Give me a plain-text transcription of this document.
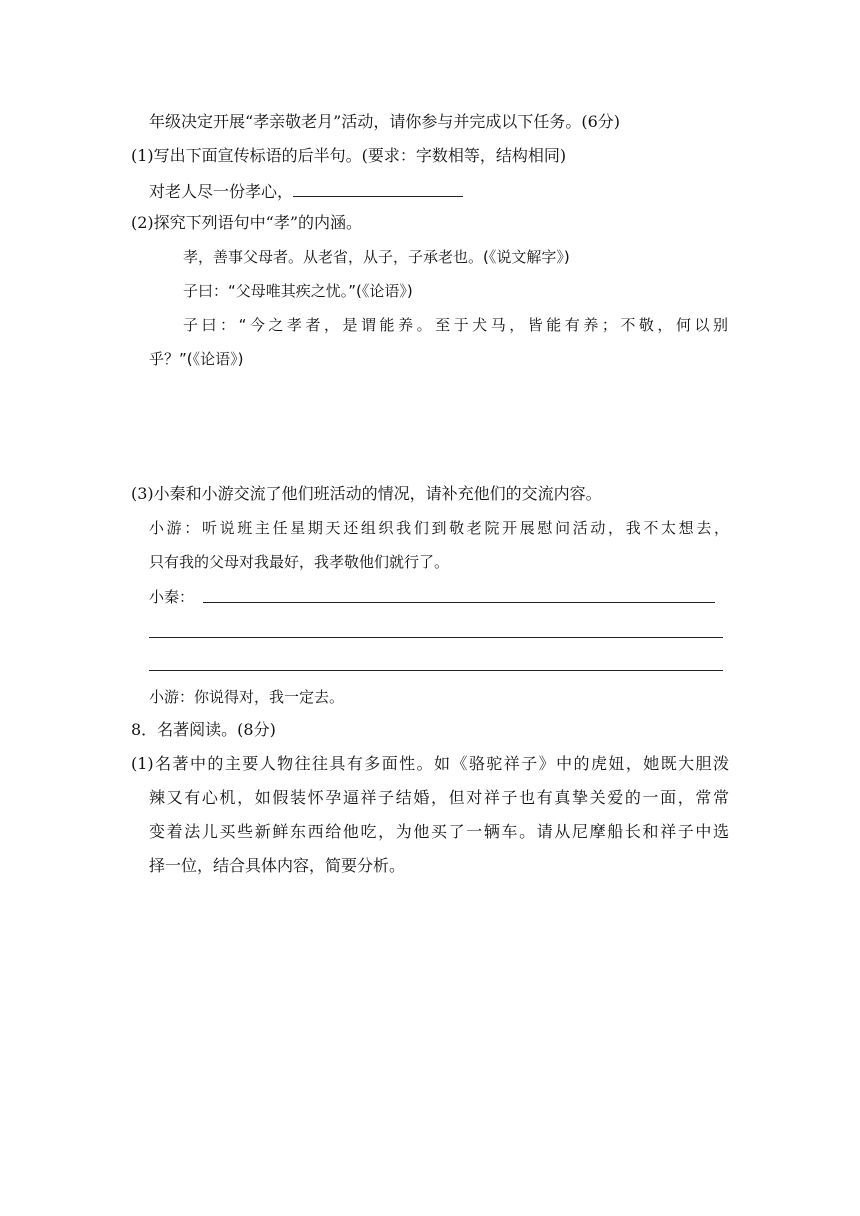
年级决定开展“孝亲敬老月”活动，请你参与并完成以下任务。(6分)
(1)写出下面宣传标语的后半句。(要求：字数相等，结构相同)
对老人尽一份孝心，
(2)探究下列语句中“孝”的内涵。
孝，善事父母者。从老省，从子，子承老也。(《说文解字》)
子曰：“父母唯其疾之忧。”(《论语》)
子曰：“今之孝者，是谓能养。至于犬马，皆能有养；不敬，何以别
乎？”(《论语》)
(3)小秦和小游交流了他们班活动的情况，请补充他们的交流内容。
小游：听说班主任星期天还组织我们到敬老院开展慰问活动，我不太想去，
只有我的父母对我最好，我孝敬他们就行了。
小秦：
小游：你说得对，我一定去。
8．名著阅读。(8分)
(1)名著中的主要人物往往具有多面性。如《骆驼祥子》中的虎妞，她既大胆泼
辣又有心机，如假装怀孕逼祥子结婚，但对祥子也有真挚关爱的一面，常常
变着法儿买些新鲜东西给他吃，为他买了一辆车。请从尼摩船长和祥子中选
择一位，结合具体内容，简要分析。
